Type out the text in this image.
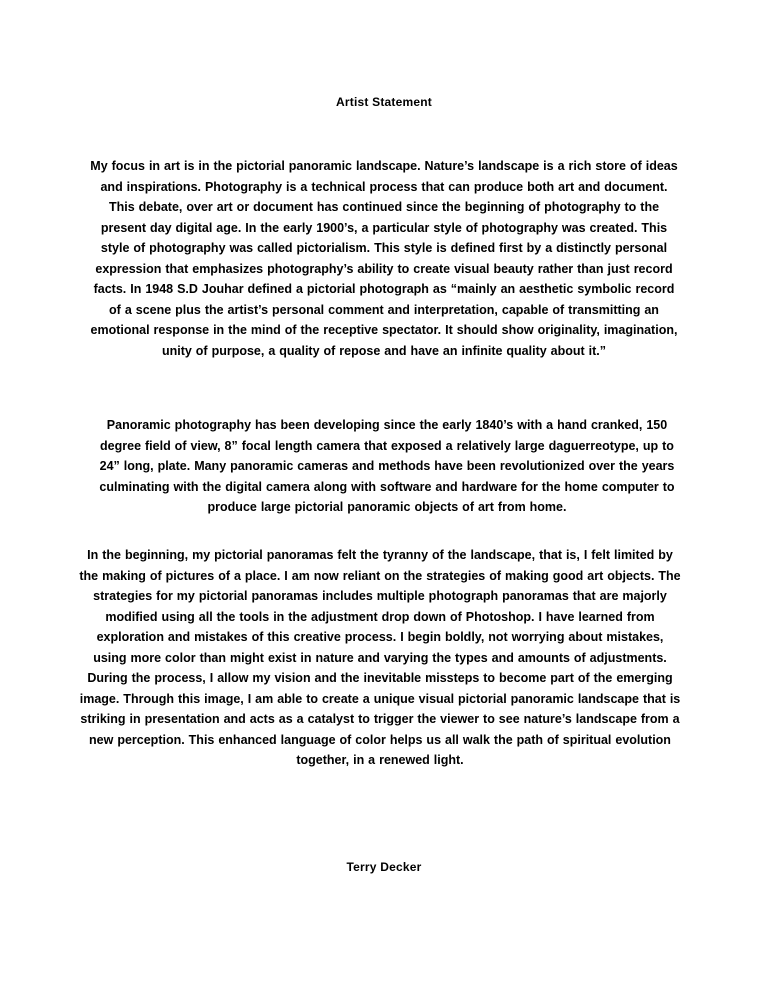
Artist Statement

My focus in art is in the pictorial panoramic landscape. Nature’s landscape is a rich store of ideas and inspirations. Photography is a technical process that can produce both art and document. This debate, over art or document has continued since the beginning of photography to the present day digital age. In the early 1900’s, a particular style of photography was created. This style of photography was called pictorialism. This style is defined first by a distinctly personal expression that emphasizes photography’s ability to create visual beauty rather than just record facts. In 1948 S.D Jouhar defined a pictorial photograph as “mainly an aesthetic symbolic record of a scene plus the artist’s personal comment and interpretation, capable of transmitting an emotional response in the mind of the receptive spectator. It should show originality, imagination, unity of purpose, a quality of repose and have an infinite quality about it.”

Panoramic photography has been developing since the early 1840’s with a hand cranked, 150 degree field of view, 8” focal length camera that exposed a relatively large daguerreotype, up to 24” long, plate. Many panoramic cameras and methods have been revolutionized over the years culminating with the digital camera along with software and hardware for the home computer to produce large pictorial panoramic objects of art from home.

In the beginning, my pictorial panoramas felt the tyranny of the landscape, that is, I felt limited by the making of pictures of a place. I am now reliant on the strategies of making good art objects. The strategies for my pictorial panoramas includes multiple photograph panoramas that are majorly modified using all the tools in the adjustment drop down of Photoshop. I have learned from exploration and mistakes of this creative process. I begin boldly, not worrying about mistakes, using more color than might exist in nature and varying the types and amounts of adjustments. During the process, I allow my vision and the inevitable missteps to become part of the emerging image. Through this image, I am able to create a unique visual pictorial panoramic landscape that is striking in presentation and acts as a catalyst to trigger the viewer to see nature’s landscape from a new perception. This enhanced language of color helps us all walk the path of spiritual evolution together, in a renewed light.

Terry Decker
